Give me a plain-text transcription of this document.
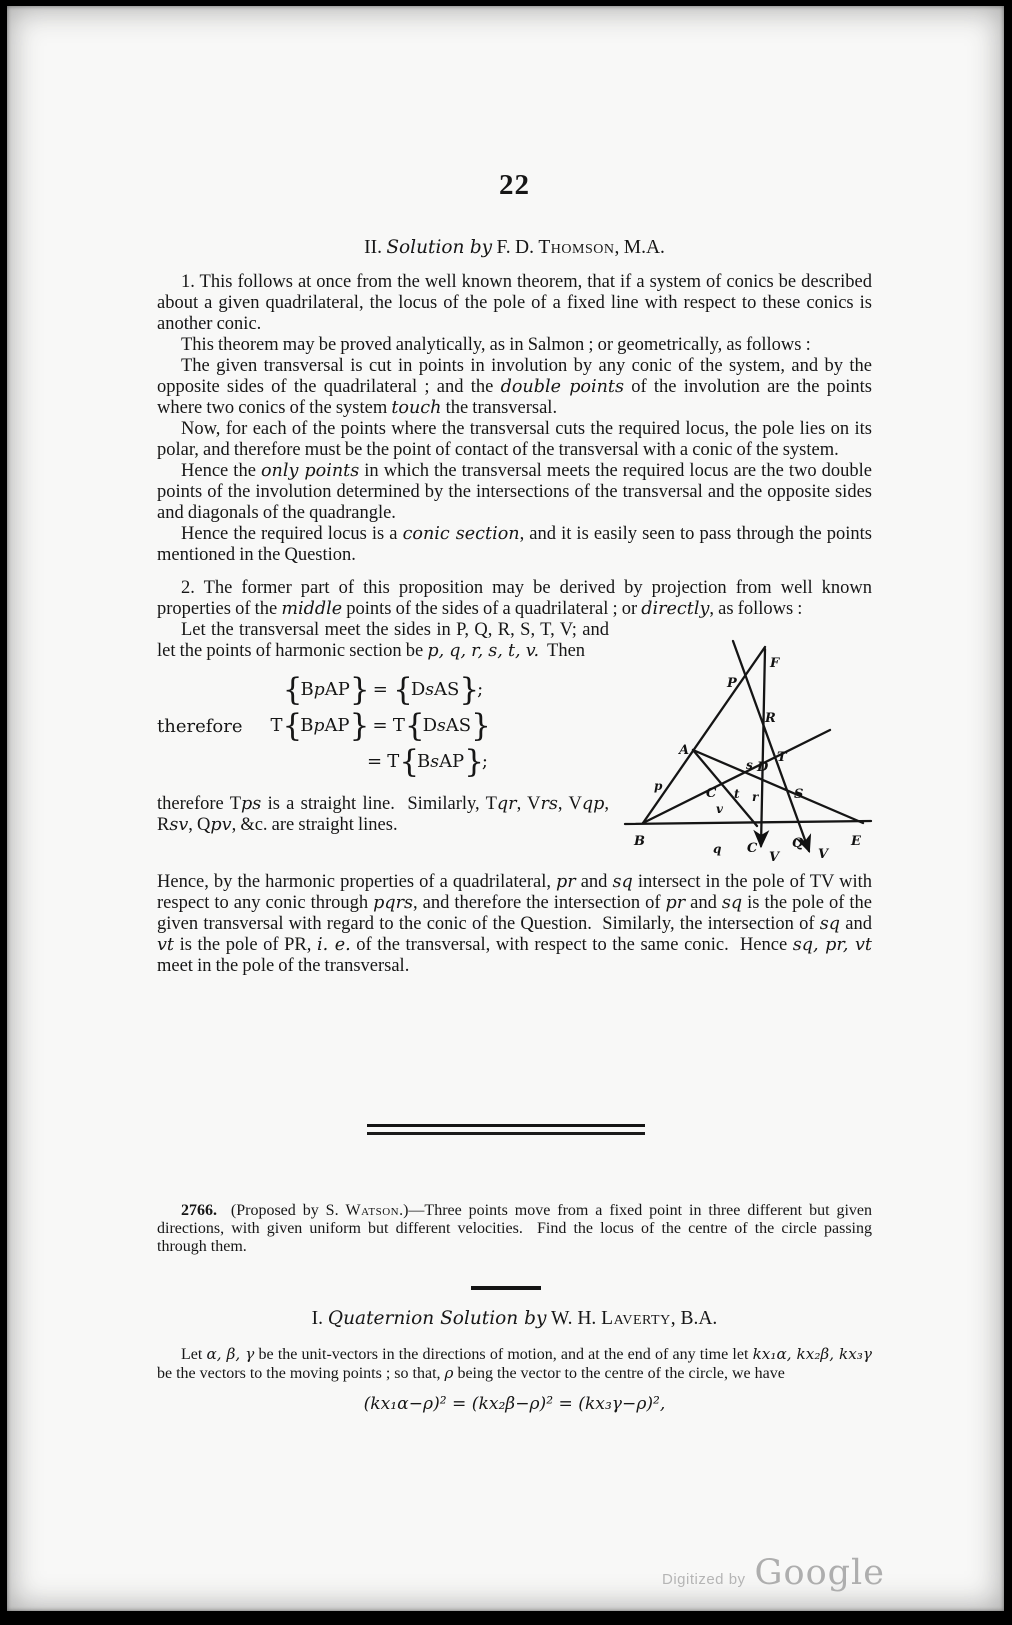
22

II. Solution by F. D. Thomson, M.A.

1. This follows at once from the well known theorem, that if a system of conics be described about a given quadrilateral, the locus of the pole of a fixed line with respect to these conics is another conic.

This theorem may be proved analytically, as in Salmon ; or geometrically, as follows :

The given transversal is cut in points in involution by any conic of the system, and by the opposite sides of the quadrilateral ; and the double points of the involution are the points where two conics of the system touch the transversal.

Now, for each of the points where the transversal cuts the required locus, the pole lies on its polar, and therefore must be the point of contact of the transversal with a conic of the system.

Hence the only points in which the transversal meets the required locus are the two double points of the involution determined by the intersections of the transversal and the opposite sides and diagonals of the quadrangle.

Hence the required locus is a conic section, and it is easily seen to pass through the points mentioned in the Question.

2. The former part of this proposition may be derived by projection from well known properties of the middle points of the sides of a quadrilateral ; or directly, as follows :

Let the transversal meet the sides in P, Q, R, S, T, V; and let the points of harmonic section be p, q, r, s, t, v.  Then

{BpAP} = {DsAS};
therefore T{BpAP} = T{DsAS}
= T{BsAP};

therefore Tps is a straight line.  Similarly, Tqr, Vrs, Vqp, Rsv, Qpv, &c. are straight lines.

F
P
R
A	T
s D
p	C t r	S
v
B	q C	Q	E
V	V

Hence, by the harmonic properties of a quadrilateral, pr and sq intersect in the pole of TV with respect to any conic through pqrs, and therefore the intersection of pr and sq is the pole of the given transversal with regard to the conic of the Question.  Similarly, the intersection of sq and vt is the pole of PR, i. e. of the transversal, with respect to the same conic.  Hence sq, pr, vt meet in the pole of the transversal.

2766.  (Proposed by S. Watson.)—Three points move from a fixed point in three different but given directions, with given uniform but different velocities.  Find the locus of the centre of the circle passing through them.

I. Quaternion Solution by W. H. Laverty, B.A.

Let α, β, γ be the unit-vectors in the directions of motion, and at the end of any time let kx₁α, kx₂β, kx₃γ be the vectors to the moving points ; so that, ρ being the vector to the centre of the circle, we have

(kx₁α−ρ)² = (kx₂β−ρ)² = (kx₃γ−ρ)²,

Digitized by Google
